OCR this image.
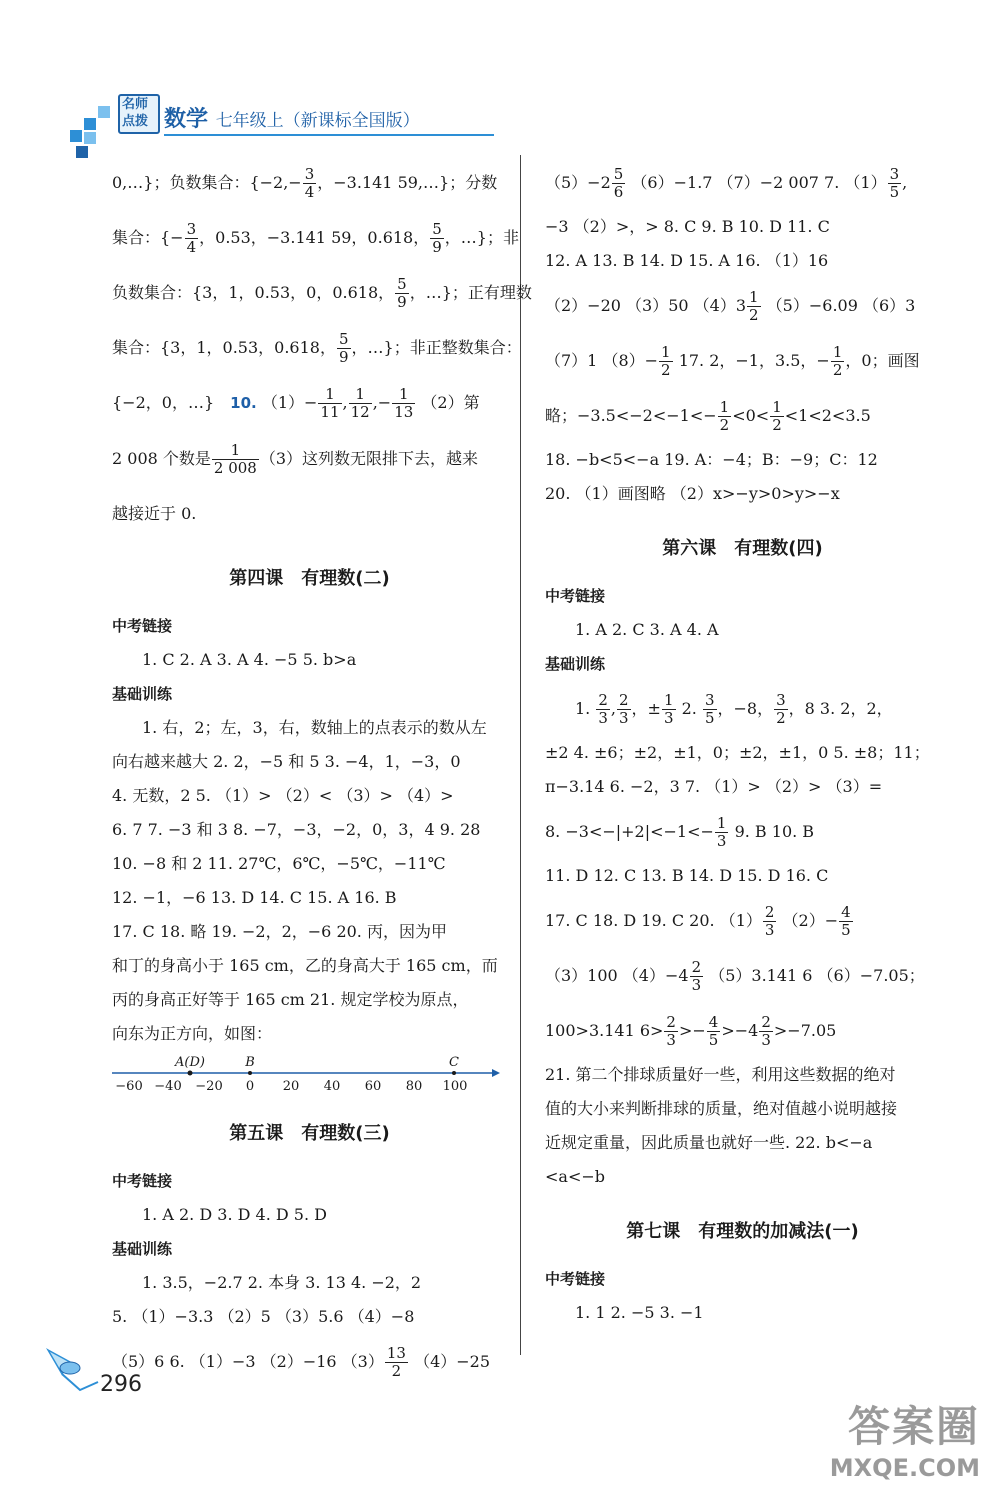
名师
点拨 数学 七年级上（新课标全国版）

0,…}；负数集合：{$-2,- \frac{3}{4}$ ，−3.141 59,…}；分数

集合：{− $\frac{3}{4}$ ，0.53，−3.141 59，0.618， $\frac{5}{9}$ ，…}；非

负数集合：{3，1，0.53，0，0.618， $\frac{5}{9}$ ，…}；正有理数

集合：{3，1，0.53，0.618， $\frac{5}{9}$ ，…}；非正整数集合：

{−2，0，…}　 10. $(1)- \frac{1}{11}$ , $\frac{1}{12}$ ,− $\frac{1}{13} (2)$第

2 008 个数是 $\frac{1}{2 008} (3)$这列数无限排下去，越来

越接近于 0.

第四课　有理数(二)
中考链接

1. C 2. A 3. A 4. −5 5. b>a

基础训练

1. 右，2；左，3，右，数轴上的点表示的数从左

向右越来越大 2. 2，−5 和 5 3. −4，1，−3，0

4. 无数，2 5. （1）> （2）< （3）> （4）>

6. 7 7. −3 和 3 8. −7，−3，−2，0，3，4 9. 28

10. −8 和 2 11. 27℃，6℃，−5℃，−11℃

12. −1，−6 13. D 14. C 15. A 16. B

17. C 18. 略 19. −2，2，−6 20. 丙，因为甲

和丁的身高小于 165 cm，乙的身高大于 165 cm，而

丙的身高正好等于 165 cm 21. 规定学校为原点，

向东为正方向，如图：

A(D)	B	C
−60 −40 −20 0 20 40 60 80 100
第五课　有理数(三)
中考链接

1. A 2. D 3. D 4. D 5. D

基础训练

1. 3.5，−2.7 2. 本身 3. 13 4. −2，2

5. （1）−3.3 （2）5 （3）5.6 （4）−8

（5）6 6. （1）−3 （2）−16 $(3) \frac{13}{2} (4)-25$

$(5)-2 \frac{5}{6} (6)-1.7$ （7）−2 007 7. $(1) \frac{3}{5}$ ,

−3 （2）>，> 8. C 9. B 10. D 11. C

12. A 13. B 14. D 15. A 16. （1）16

（2）−20 （3）50 $(4)3 \frac{1}{2} (5)-6.09$ （6）3

（7）1 $(8)- \frac{1}{2} 17$. 2，−1，3.5，− $\frac{1}{2}$ ，0；画图

略；$-3.5<-2<-1<- \frac{1}{2} <0< \frac{1}{2} <1<2<3.5$

18. −b<5<−a 19. A：−4；B：−9；C：12

20. （1）画图略 （2）x>−y>0>y>−x

第六课　有理数(四)
中考链接

1. A 2. C 3. A 4. A

基础训练

1. $\frac{2}{3}$ , $\frac{2}{3}$ ，± $\frac{1}{3} 2$. $\frac{3}{5}$ ，−8， $\frac{3}{2}$ ，8 3. 2，2，

±2 4. ±6；±2，±1，0；±2，±1，0 5. ±8；11；

π−3.14 6. −2，3 7. （1）> （2）> （3）=

8. $-3<-|+2|<-1<- \frac{1}{3} 9$. B 10. B

11. D 12. C 13. B 14. D 15. D 16. C

17. C 18. D 19. C 20. $(1) \frac{2}{3} (2)- \frac{4}{5}$

（3）100 $(4)-4 \frac{2}{3} (5)3.141$ 6 （6）−7.05；

100>3.141 $6> \frac{2}{3} >- \frac{4}{5} >-4 \frac{2}{3} >-7.05$

21. 第二个排球质量好一些，利用这些数据的绝对

值的大小来判断排球的质量，绝对值越小说明越接

近规定重量，因此质量也就好一些. 22. b<−a

<a<−b

第七课　有理数的加减法(一)
中考链接

1. 1 2. −5 3. −1

296
答案圈
MXQE.COM
